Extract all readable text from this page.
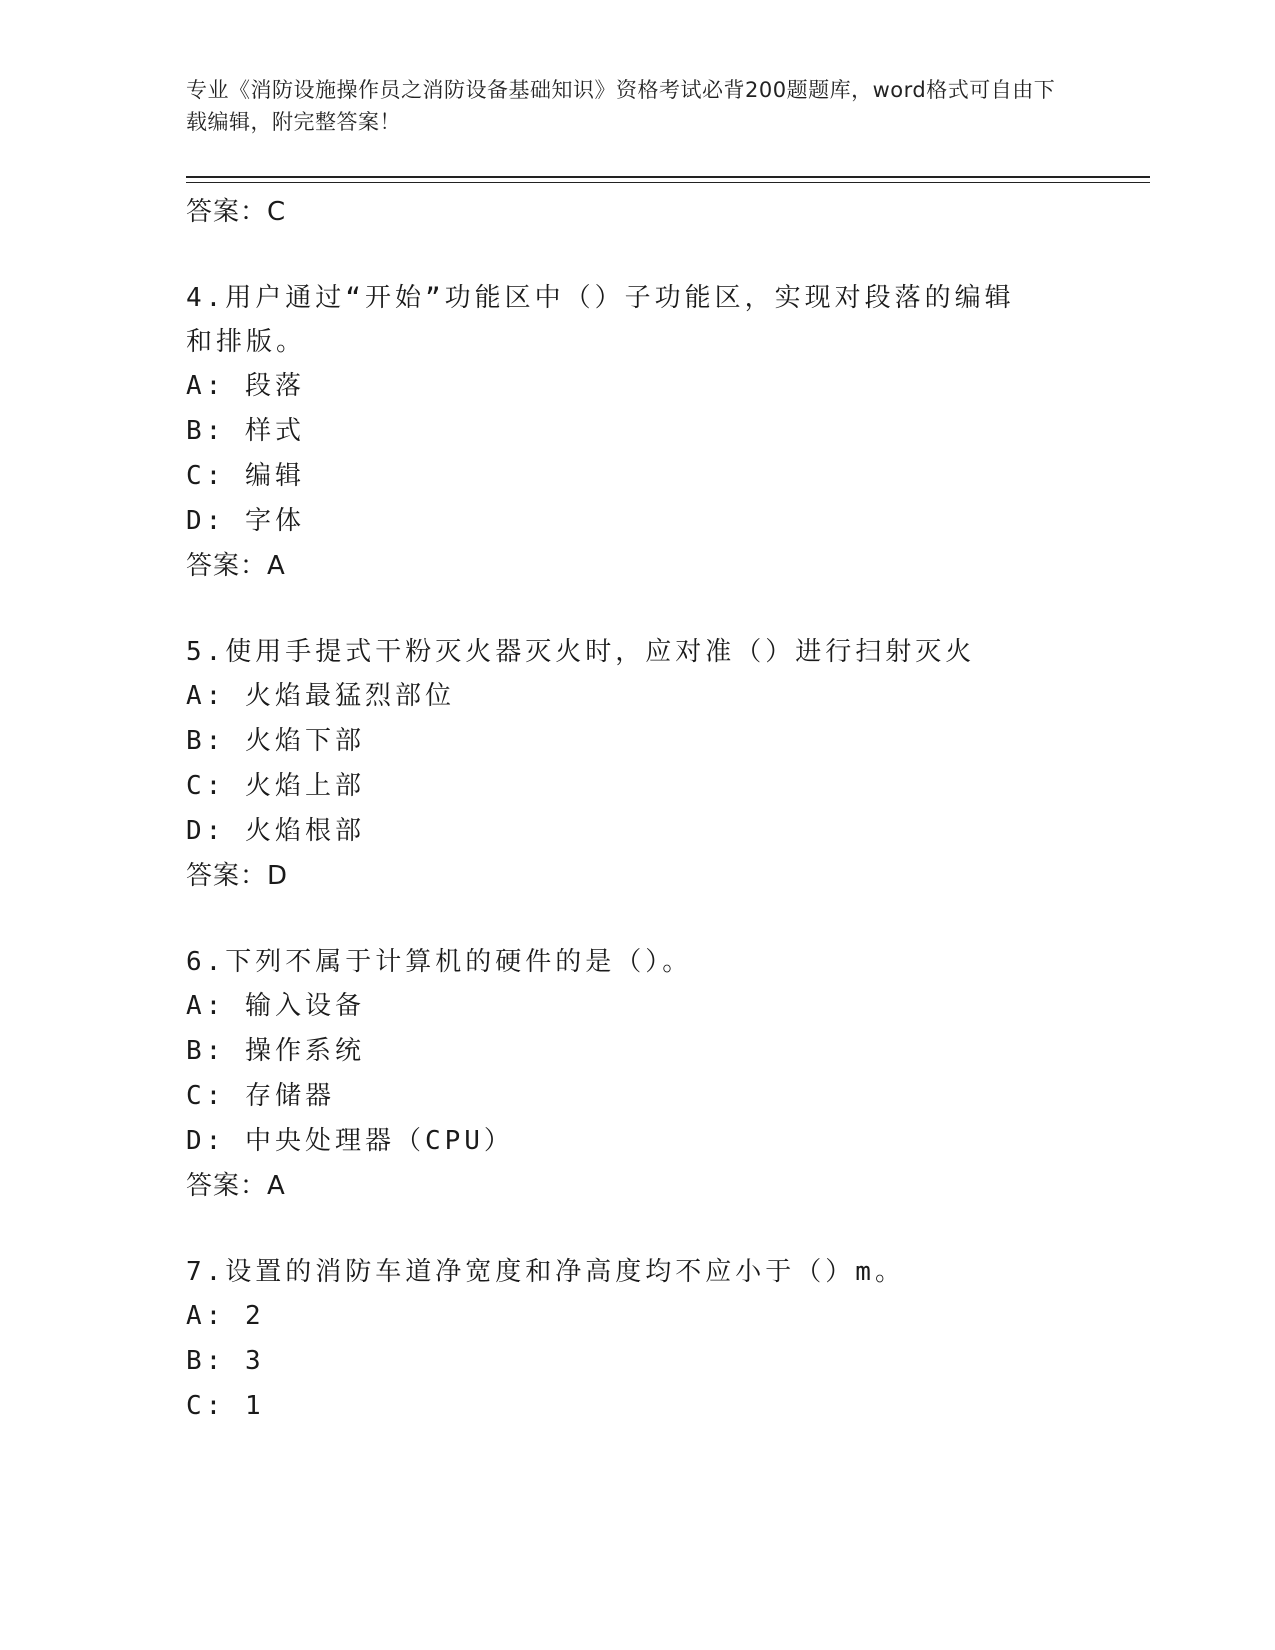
专业《消防设施操作员之消防设备基础知识》资格考试必背200题题库，word格式可自由下载编辑，附完整答案！
答案：C
4.用户通过“开始”功能区中（）子功能区，实现对段落的编辑和排版。
A: 段落
B: 样式
C: 编辑
D: 字体
答案：A
5.使用手提式干粉灭火器灭火时，应对准（）进行扫射灭火
A: 火焰最猛烈部位
B: 火焰下部
C: 火焰上部
D: 火焰根部
答案：D
6.下列不属于计算机的硬件的是（）。
A: 输入设备
B: 操作系统
C: 存储器
D: 中央处理器（CPU）
答案：A
7.设置的消防车道净宽度和净高度均不应小于（）m。
A: 2
B: 3
C: 1
